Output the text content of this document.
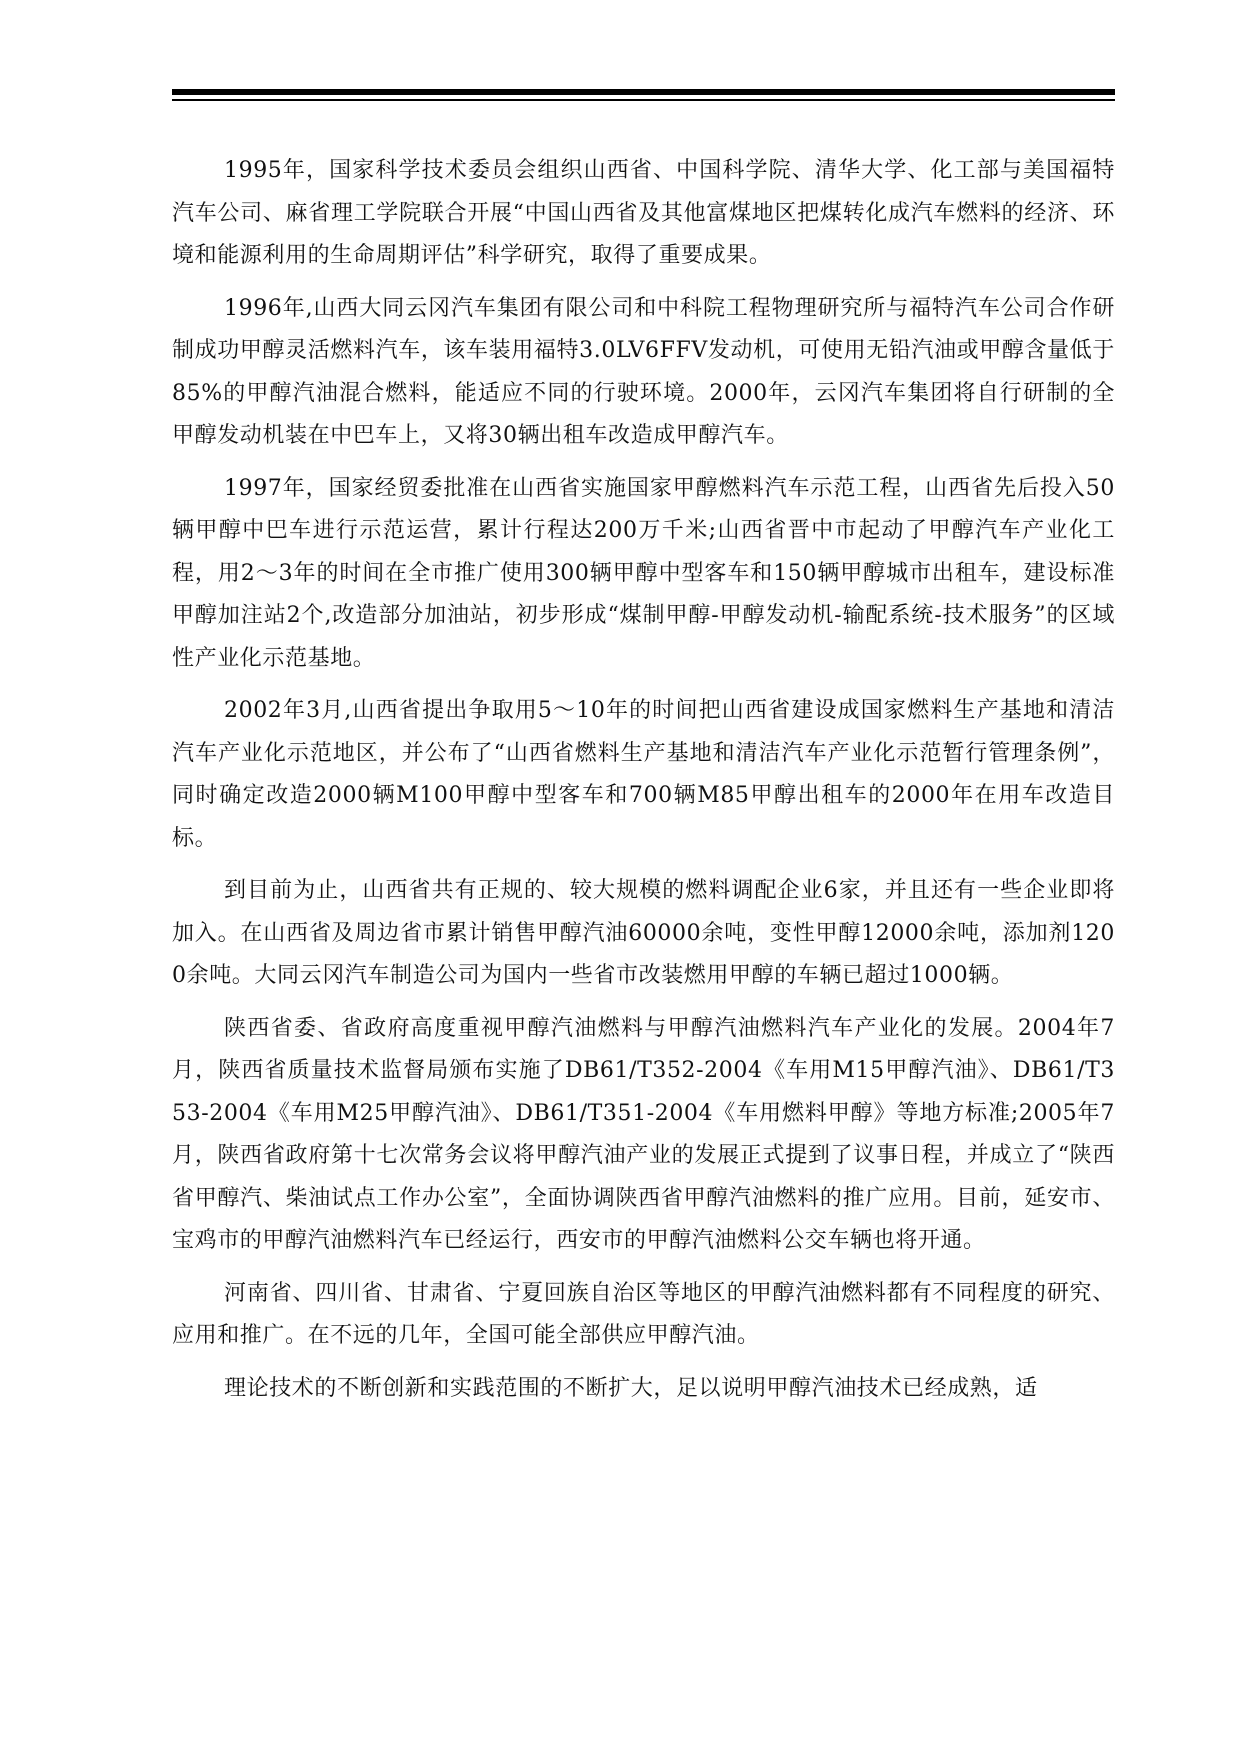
1995年，国家科学技术委员会组织山西省、中国科学院、清华大学、化工部与美国福特汽车公司、麻省理工学院联合开展“中国山西省及其他富煤地区把煤转化成汽车燃料的经济、环境和能源利用的生命周期评估”科学研究，取得了重要成果。

1996年,山西大同云冈汽车集团有限公司和中科院工程物理研究所与福特汽车公司合作研制成功甲醇灵活燃料汽车，该车装用福特3.0LV6FFV发动机，可使用无铅汽油或甲醇含量低于85%的甲醇汽油混合燃料，能适应不同的行驶环境。2000年，云冈汽车集团将自行研制的全甲醇发动机装在中巴车上，又将30辆出租车改造成甲醇汽车。

1997年，国家经贸委批准在山西省实施国家甲醇燃料汽车示范工程，山西省先后投入50辆甲醇中巴车进行示范运营，累计行程达200万千米;山西省晋中市起动了甲醇汽车产业化工程，用2～3年的时间在全市推广使用300辆甲醇中型客车和150辆甲醇城市出租车，建设标准甲醇加注站2个,改造部分加油站，初步形成“煤制甲醇-甲醇发动机-输配系统-技术服务”的区域性产业化示范基地。

2002年3月,山西省提出争取用5～10年的时间把山西省建设成国家燃料生产基地和清洁汽车产业化示范地区，并公布了“山西省燃料生产基地和清洁汽车产业化示范暂行管理条例”，同时确定改造2000辆M100甲醇中型客车和700辆M85甲醇出租车的2000年在用车改造目标。

到目前为止，山西省共有正规的、较大规模的燃料调配企业6家，并且还有一些企业即将加入。在山西省及周边省市累计销售甲醇汽油60000余吨，变性甲醇12000余吨，添加剂1200余吨。大同云冈汽车制造公司为国内一些省市改装燃用甲醇的车辆已超过1000辆。

陕西省委、省政府高度重视甲醇汽油燃料与甲醇汽油燃料汽车产业化的发展。2004年7月，陕西省质量技术监督局颁布实施了DB61/T352-2004《车用M15甲醇汽油》、DB61/T353-2004《车用M25甲醇汽油》、DB61/T351-2004《车用燃料甲醇》等地方标准;2005年7月，陕西省政府第十七次常务会议将甲醇汽油产业的发展正式提到了议事日程，并成立了“陕西省甲醇汽、柴油试点工作办公室”，全面协调陕西省甲醇汽油燃料的推广应用。目前，延安市、宝鸡市的甲醇汽油燃料汽车已经运行，西安市的甲醇汽油燃料公交车辆也将开通。

河南省、四川省、甘肃省、宁夏回族自治区等地区的甲醇汽油燃料都有不同程度的研究、应用和推广。在不远的几年，全国可能全部供应甲醇汽油。

理论技术的不断创新和实践范围的不断扩大，足以说明甲醇汽油技术已经成熟，适
